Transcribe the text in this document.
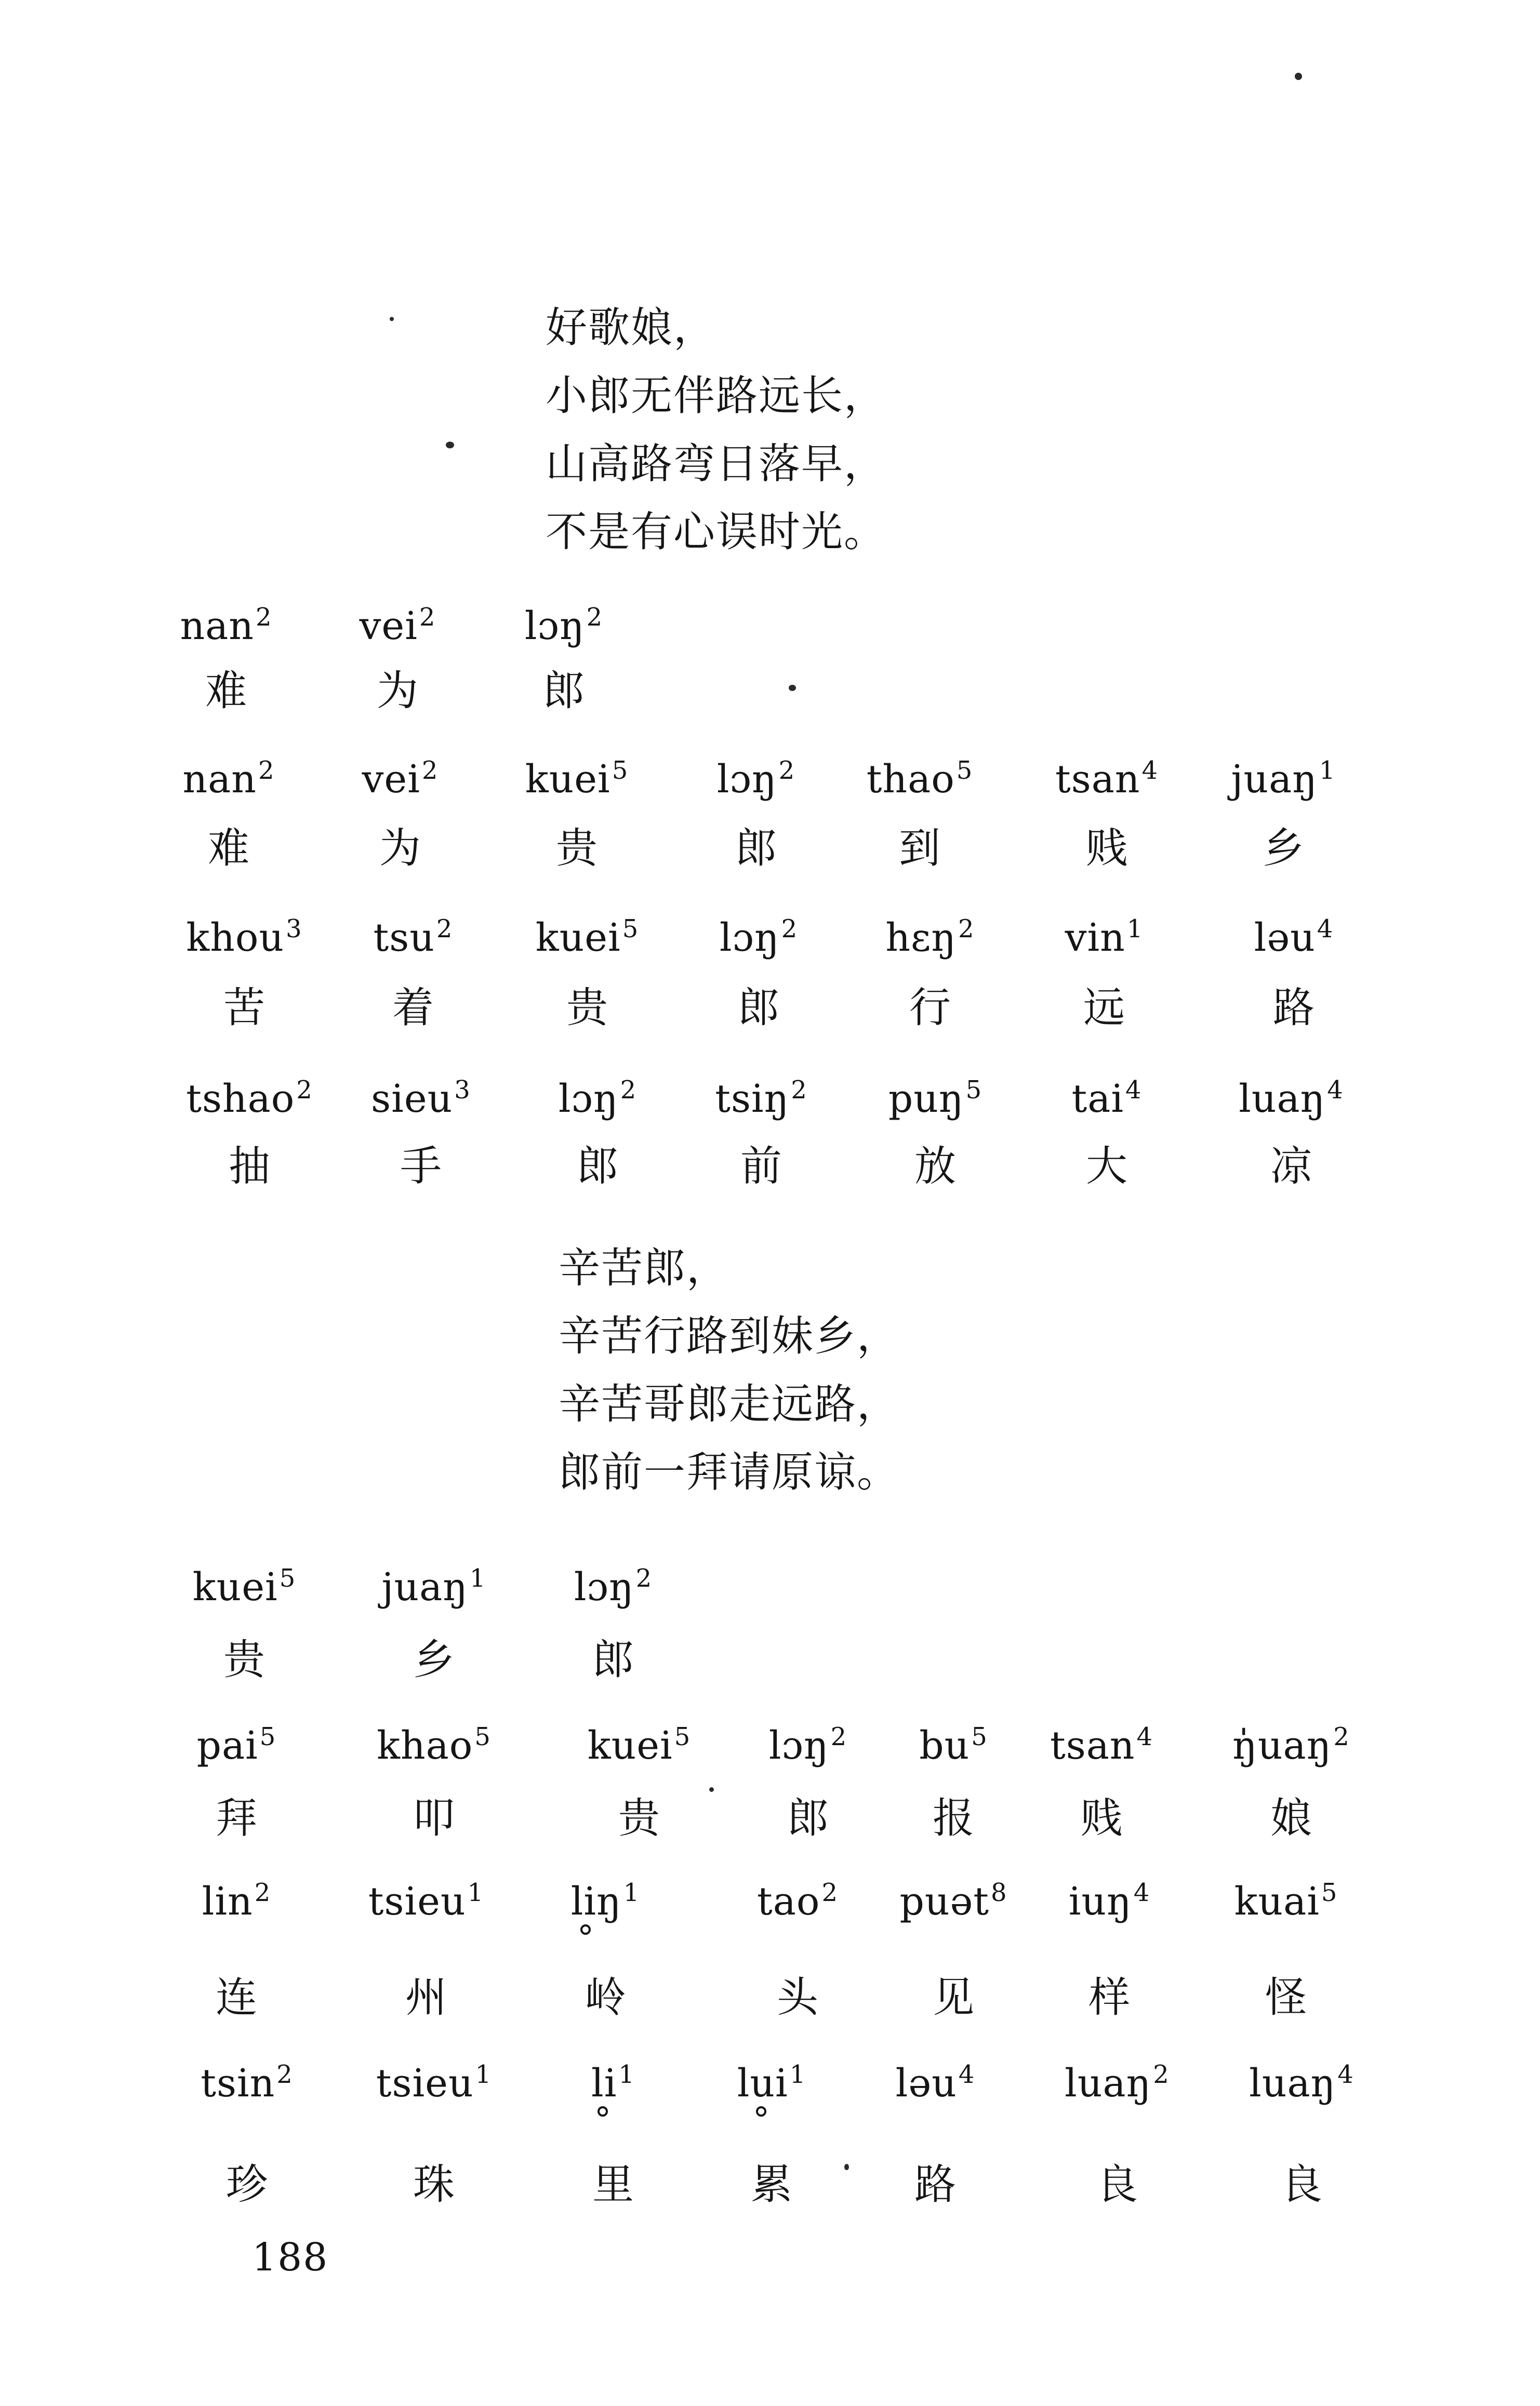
好歌娘，
小郎无伴路远长，
山高路弯日落早，
不是有心误时光。
辛苦郎，
辛苦行路到妹乡，
辛苦哥郎走远路，
郎前一拜请原谅。
nan$^2$
难
vei$^2$
为
lɔŋ$^2$
郎
nan$^2$
难
vei$^2$
为
kuei$^5$
贵
lɔŋ$^2$
郎
thao$^5$
到
tsan$^4$
贱
juaŋ$^1$
乡
khou$^3$
苦
tsu$^2$
着
kuei$^5$
贵
lɔŋ$^2$
郎
hɛŋ$^2$
行
vin$^1$
远
ləu$^4$
路
tshao$^2$
抽
sieu$^3$
手
lɔŋ$^2$
郎
tsiŋ$^2$
前
puŋ$^5$
放
tai$^4$
大
luaŋ$^4$
凉
kuei$^5$
贵
juaŋ$^1$
乡
lɔŋ$^2$
郎
pai$^5$
拜
khao$^5$
叩
kuei$^5$
贵
lɔŋ$^2$
郎
$bu^5$
报
tsan$^4$
贱
ŋ̍uaŋ$^2$
娘
lin$^2$
连
tsieu$^1$
州
liŋ$^1$
岭
tao$^2$
头
puət$^8$
见
iuŋ$^4$
样
kuai$^5$
怪
tsin$^2$
珍
tsieu$^1$
珠
$li^1$
里
lui$^1$
累
ləu$^4$
路
luaŋ$^2$
良
luaŋ$^4$
良
188
